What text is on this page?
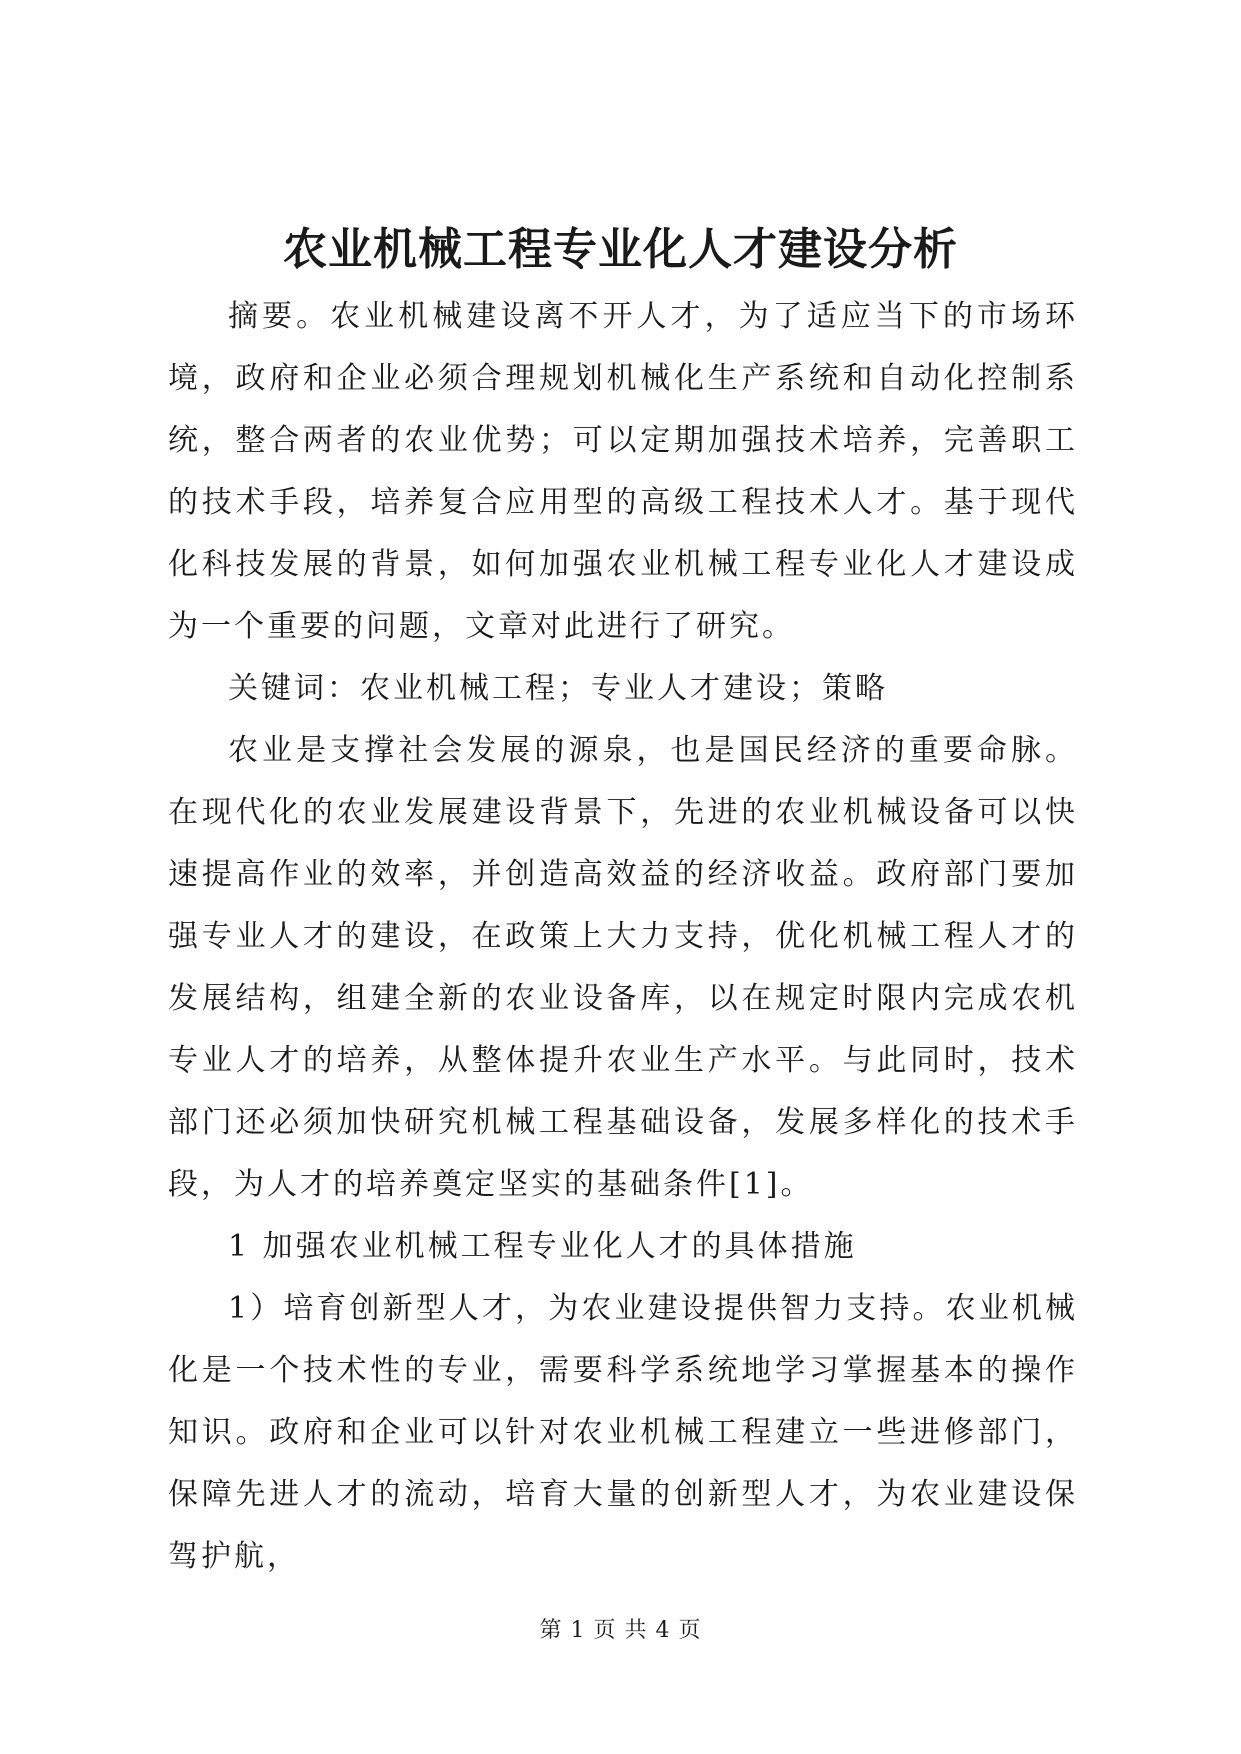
农业机械工程专业化人才建设分析

摘要。农业机械建设离不开人才，为了适应当下的市场环境，政府和企业必须合理规划机械化生产系统和自动化控制系统，整合两者的农业优势；可以定期加强技术培养，完善职工的技术手段，培养复合应用型的高级工程技术人才。基于现代化科技发展的背景，如何加强农业机械工程专业化人才建设成为一个重要的问题，文章对此进行了研究。

关键词：农业机械工程；专业人才建设；策略

农业是支撑社会发展的源泉，也是国民经济的重要命脉。在现代化的农业发展建设背景下，先进的农业机械设备可以快速提高作业的效率，并创造高效益的经济收益。政府部门要加强专业人才的建设，在政策上大力支持，优化机械工程人才的发展结构，组建全新的农业设备库，以在规定时限内完成农机专业人才的培养，从整体提升农业生产水平。与此同时，技术部门还必须加快研究机械工程基础设备，发展多样化的技术手段，为人才的培养奠定坚实的基础条件[1]。

1 加强农业机械工程专业化人才的具体措施

1）培育创新型人才，为农业建设提供智力支持。农业机械化是一个技术性的专业，需要科学系统地学习掌握基本的操作知识。政府和企业可以针对农业机械工程建立一些进修部门，保障先进人才的流动，培育大量的创新型人才，为农业建设保驾护航，

第 1 页 共 4 页
